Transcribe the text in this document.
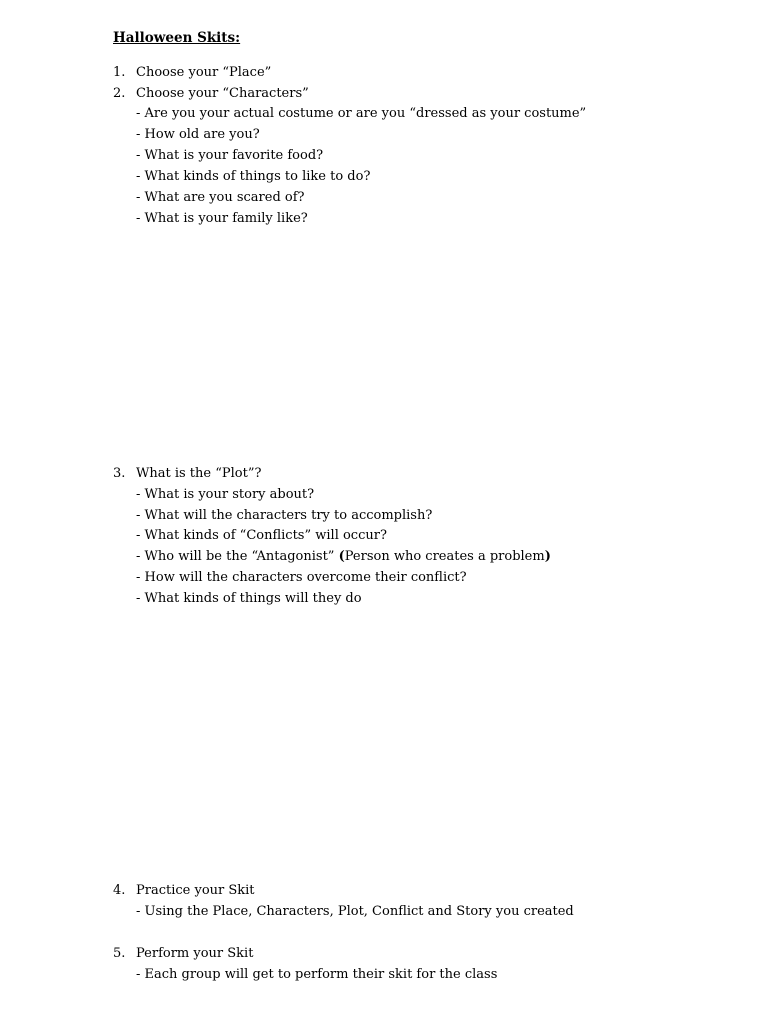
Halloween Skits:
1. Choose your “Place”
2. Choose your “Characters”
- Are you your actual costume or are you “dressed as your costume”
- How old are you?
- What is your favorite food?
- What kinds of things to like to do?
- What are you scared of?
- What is your family like?
3. What is the “Plot”?
- What is your story about?
- What will the characters try to accomplish?
- What kinds of “Conflicts” will occur?
- Who will be the “Antagonist” (Person who creates a problem)
- How will the characters overcome their conflict?
- What kinds of things will they do
4. Practice your Skit
- Using the Place, Characters, Plot, Conflict and Story you created
5. Perform your Skit
- Each group will get to perform their skit for the class
